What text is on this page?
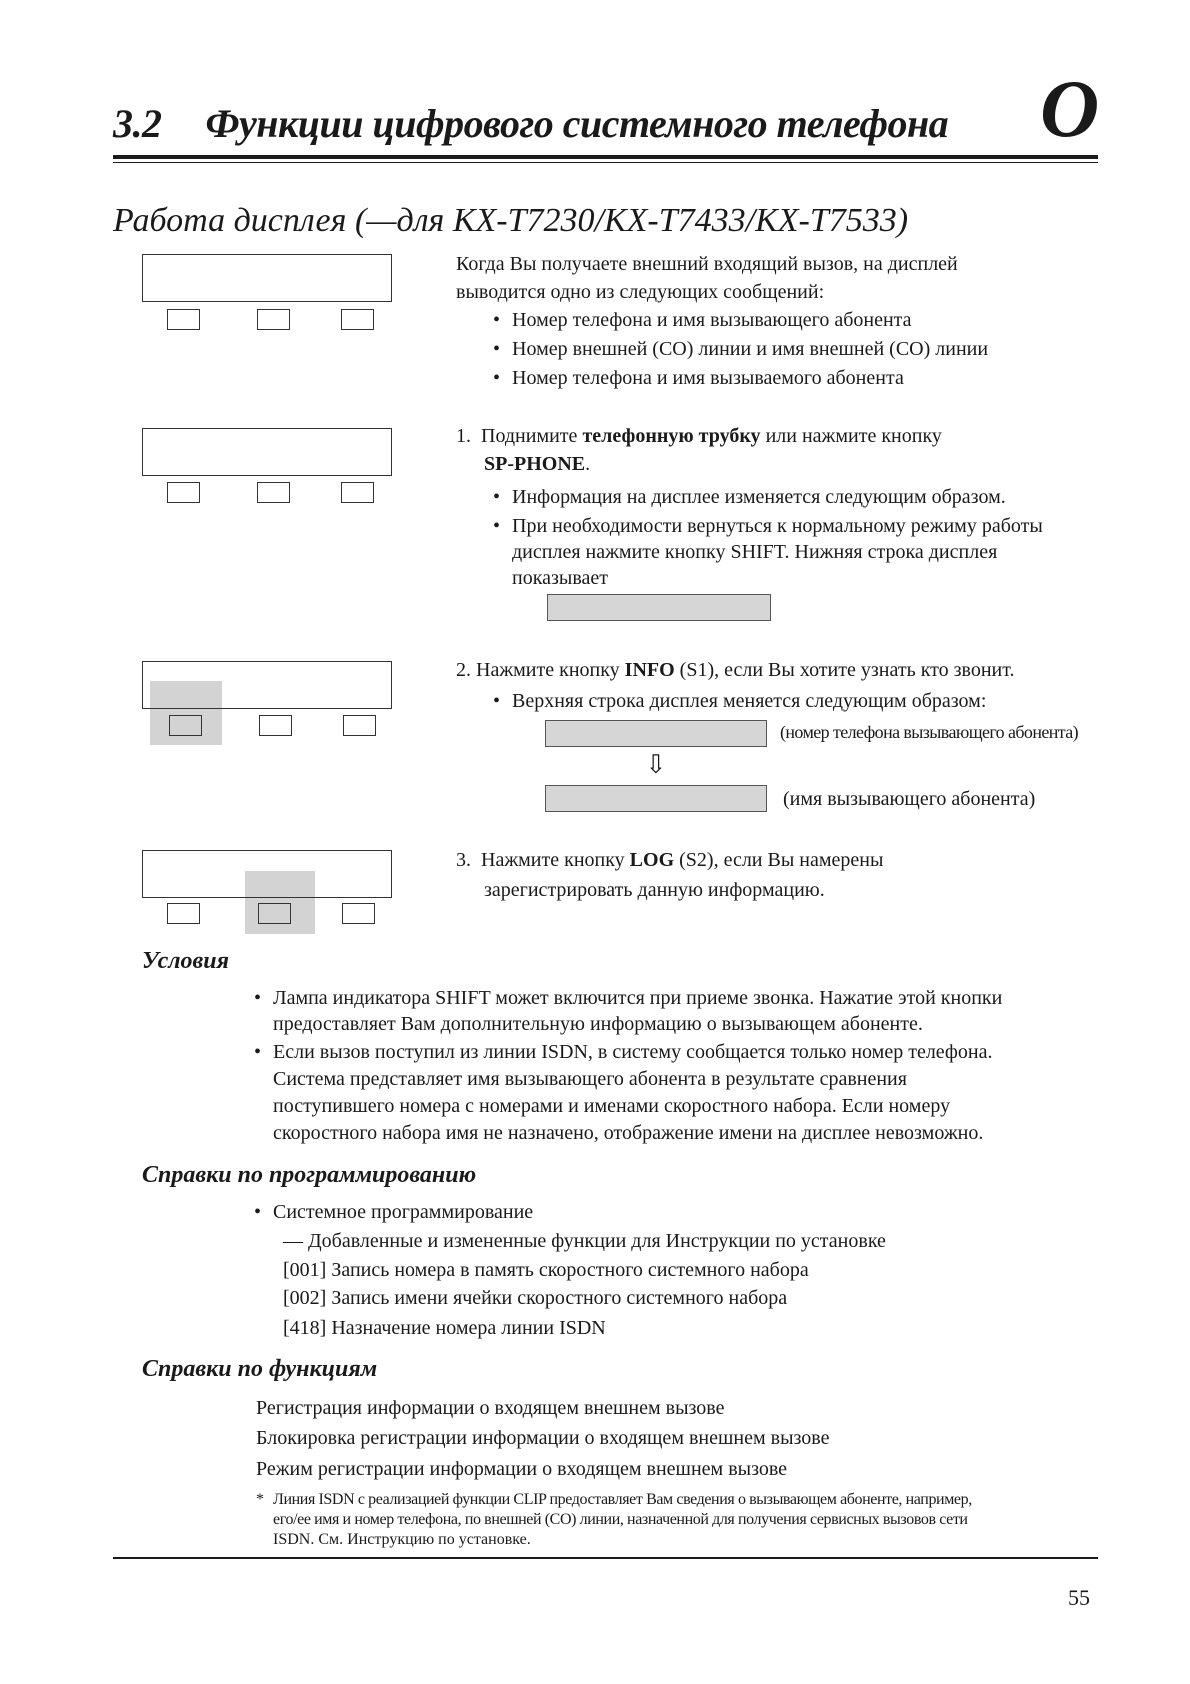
3.2 Функции цифрового системного телефона O
Работа дисплея (—для KX-T7230/KX-T7433/KX-T7533)
Когда Вы получаете внешний входящий вызов, на дисплей
выводится одно из следующих сообщений:
• Номер телефона и имя вызывающего абонента
• Номер внешней (CO) линии и имя внешней (CO) линии
• Номер телефона и имя вызываемого абонента
1. Поднимите телефонную трубку или нажмите кнопку
SP-PHONE.
• Информация на дисплее изменяется следующим образом.
• При необходимости вернуться к нормальному режиму работы
дисплея нажмите кнопку SHIFT. Нижняя строка дисплея
показывает
2. Нажмите кнопку INFO (S1), если Вы хотите узнать кто звонит.
• Верхняя строка дисплея меняется следующим образом:
(номер телефона вызывающего абонента)
⇩
(имя вызывающего абонента)
3. Нажмите кнопку LOG (S2), если Вы намерены
зарегистрировать данную информацию.
Условия
• Лампа индикатора SHIFT может включится при приеме звонка. Нажатие этой кнопки
предоставляет Вам дополнительную информацию о вызывающем абоненте.
• Если вызов поступил из линии ISDN, в систему сообщается только номер телефона.
Система представляет имя вызывающего абонента в результате сравнения
поступившего номера с номерами и именами скоростного набора. Если номеру
скоростного набора имя не назначено, отображение имени на дисплее невозможно.
Справки по программированию
• Системное программирование
— Добавленные и измененные функции для Инструкции по установке
[001] Запись номера в память скоростного системного набора
[002] Запись имени ячейки скоростного системного набора
[418] Назначение номера линии ISDN
Справки по функциям
Регистрация информации о входящем внешнем вызове
Блокировка регистрации информации о входящем внешнем вызове
Режим регистрации информации о входящем внешнем вызове
* Линия ISDN с реализацией функции CLIP предоставляет Вам сведения о вызывающем абоненте, например,
его/ее имя и номер телефона, по внешней (CO) линии, назначенной для получения сервисных вызовов сети
ISDN. См. Инструкцию по установке.
55
